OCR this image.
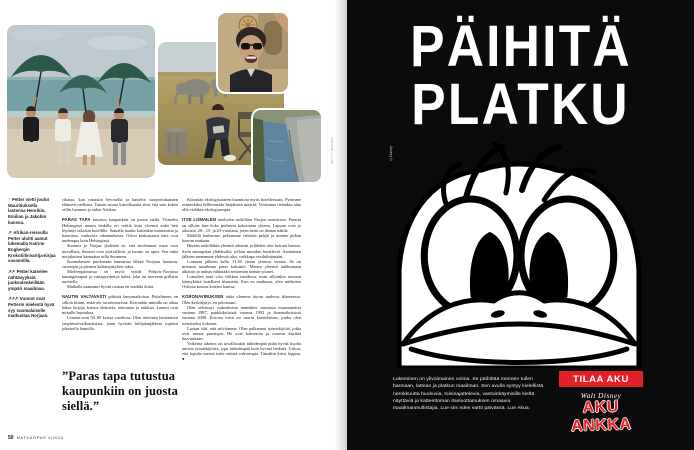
GETTY IMAGES

↑ Petter vietti joulut Mauritiuksella lastensa Henrikin, Emilian ja Jakobin kanssa.

↗ Afrikan-reissulla Petter aloitti aamut lukemalla Katrine Engbergin Krokotiilinvartija-kirjaa savannilla.

↗↗ Petter katselee nähtävyyksiä juoksulenkeillään ympäri maailmaa.

↗↗↗ Vuonot ovat Petterin mielestä hyvä syy suomalaiselle matkustaa Norjaan.

rikassa, kun ratsastin hevosella ja katselin satojentuhansien eläinten vaellusta. Tunsin suurta kiitollisuutta siitä, että sain kokea villin luonnon ja aidon Afrikan.

PARAS TAPA tutustua kaupunkiin on juosta siellä. Viimeksi Helsingissä menin lenkille eri reittiä kuin yleensä enkä heti löytänyt takaisin hotellille. Samalla nautin kuitenkin maisemista ja kauniista, vanhoista rakennuksista. Oslon keskustassa talot ovat uudempia kuin Helsingissä.

Suomea ja Norjaa yhdistää se, että molemmat maat ovat turvallisia, ihmiset ovat ystävällisiä, ja luonto on upea. Sen takia norjalaisten kannattaa tulla Suomeen.

Suomalaisten puolestaan kannattaa lähteä Norjaan luonnon, vuonojen ja pienten kalastajakylien takia.

Mieleenpainuvaa on myös syödä Pohjois-Norjassa kuningasrapua ja vastapyydettyä kalaa, joka on tuoreena grillattu nuotiolla.

Matkalla saamaani hyvää ruokaa en unohda ikinä.

NAUTIN VALTAVASTI pitkistä lentomatkoista. Puhelimeni on silloin kiinni, enkä ole tavoitettavissa. Kerrankin minulla on aikaa lukea kirjoja, katsoa elokuvia, rentoutua ja nukkua. Lennot ovat minulle lepoaikaa.

Lennän noin 50–80 kertaa vuodessa. Olen tietoinen lentämisen ympäristövaikutuksista, joten hyvitän hiilijalanjälkeni tuplasti jokaisella lennolla.

Kiinnitän ekologisuuteen huomiota myös hotelleissani. Pyrimme esimerkiksi hillitsemään biojätteen määrää. Voisimme tietenkin aina olla vieläkin ekologisempia.

ITSE LOMAILEN mieluiten mökilläni Norjan saaristossa. Parasta on silloin, kun koko perheeni kokoontuu yhteen. Lapseni ovat jo aikuisia, 28-, 25- ja 23-vuotiaita, joten heitä on ihanaa nähdä.

Mökillä laulamme, pelaamme erilaisia pelejä ja uimme pitkän kaavan mukaan.

Herään mökilläkin yleensä aikaisin ja lähden ulos koirani kanssa. Syön aamupalan yhdeksältä, jolloin muutkin heräilevät. Aamiaisen jälkeen menemme yhdessä ulos, vaikkapa vesihiihtämään.

Lounaan jälkeen kello 13.30 vietän yleensä siestaa. Se on minusta maailman paras keksintö. Menen yleensä nukkumaan aikaisin ja nukun vähintään seitsemän tunnin yöunet.

Lomailen noin viisi viikkoa vuodessa, tosin silloinkin seuraan kännykästä hotellieni tilannetta. Kun en matkusta, olen mieluiten Oslossa kotona koirani kanssa.

KORONAVIRUKSEN takia olemme täysin uudessa tilanteessa. Olen keskittynyt, en peloissani.

Olen selvinnyt vaikeuksista ennenkin: mustasta maanantaista vuonna 1987, pankkikriisistä vuonna 1992 ja finanssikriisistä vuonna 2008. Korona tosin on suurin koettelemus, jonka olen toistaiseksi kokenut.

Luotan silti, että selviämme. Olen palkannut työntekijöitä, jotka ovat minua parempia. He ovat kokeneita ja osaavat käyttää luovuuttaan.

Vaikeina aikoina on tavallistakin tärkeämpää pitää hyvää huolta omista työntekijöistä, jopa tärkeämpää kuin hyvinä hetkinä. Uskon, että lopulta meistä tulee entistä vahvempia. Tämäkin kriisi loppuu. ●

”Paras tapa tutustua kaupunkiin on juosta siellä.”
50 MATKAOPAS 4|2020
PÄIHITÄ
PLATKU
©Disney

Lukeminen on ylivoimainen voima. Se päihittää mennen tullen harmaan, lattean ja platkun maailman. Sen avulla syntyy kielellistä nerokkuutta huokuvia, toisinajattelevia, vastoinkäymisille kieltä näyttäviä ja katteettoman itseluottamuksen omaavia maailmanmullistajia. Lue siis edes vartti päivässä. Lue Akua.

TILAA AKU
Walt Disney
AKU ANKKA
